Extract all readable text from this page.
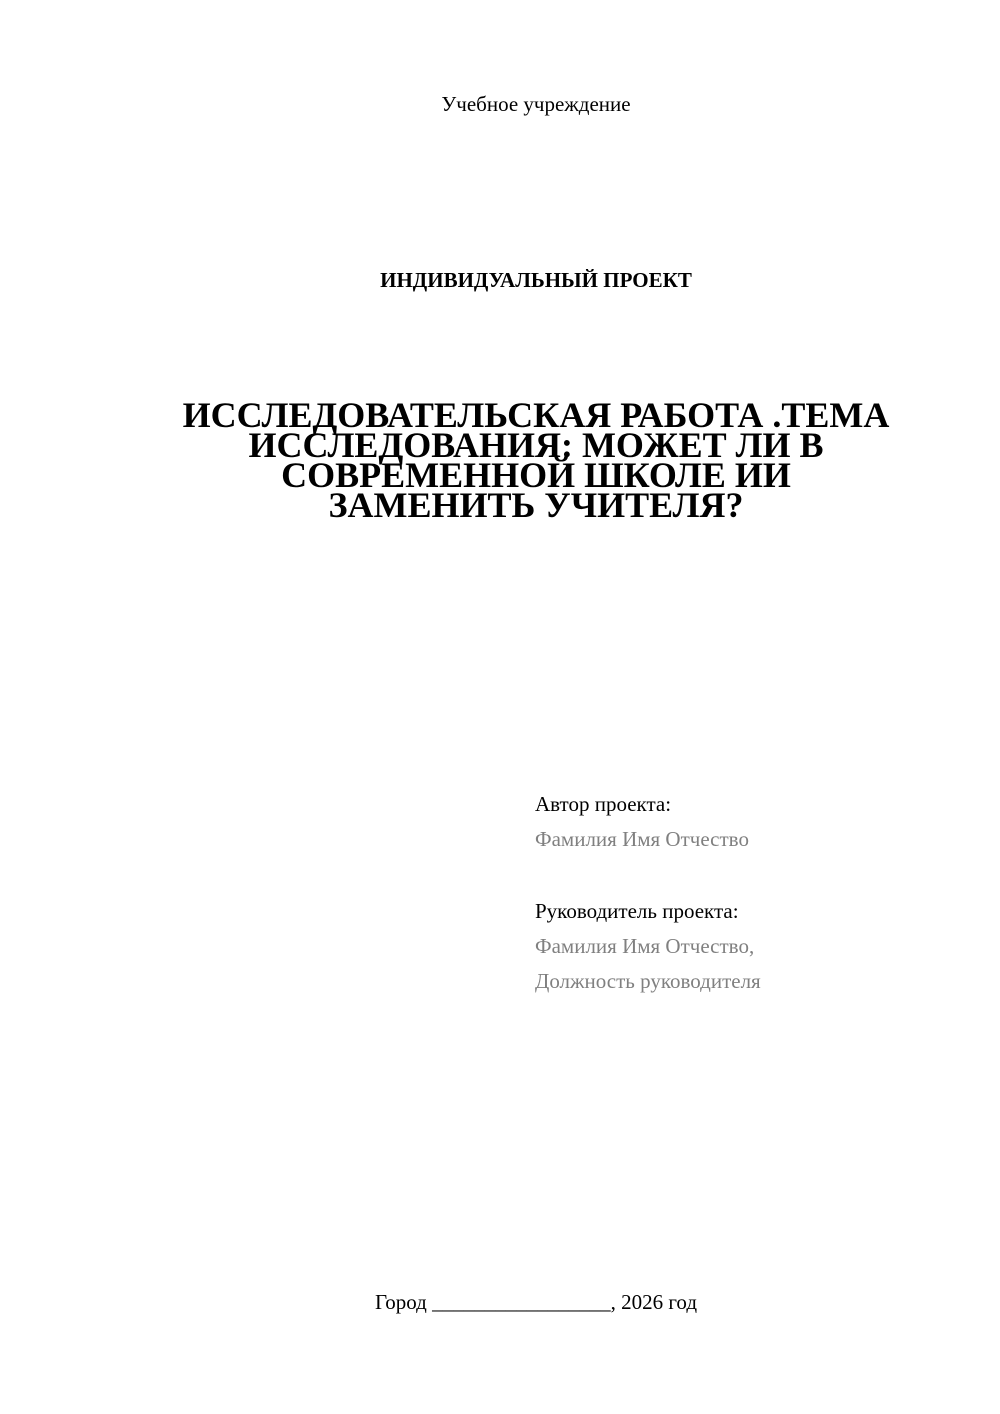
Учебное учреждение
ИНДИВИДУАЛЬНЫЙ ПРОЕКТ
ИССЛЕДОВАТЕЛЬСКАЯ РАБОТА .ТЕМА
ИССЛЕДОВАНИЯ: МОЖЕТ ЛИ В
СОВРЕМЕННОЙ ШКОЛЕ ИИ
ЗАМЕНИТЬ УЧИТЕЛЯ?
Автор проекта:
Фамилия Имя Отчество
Руководитель проекта:
Фамилия Имя Отчество,
Должность руководителя
Город _________________, 2026 год
